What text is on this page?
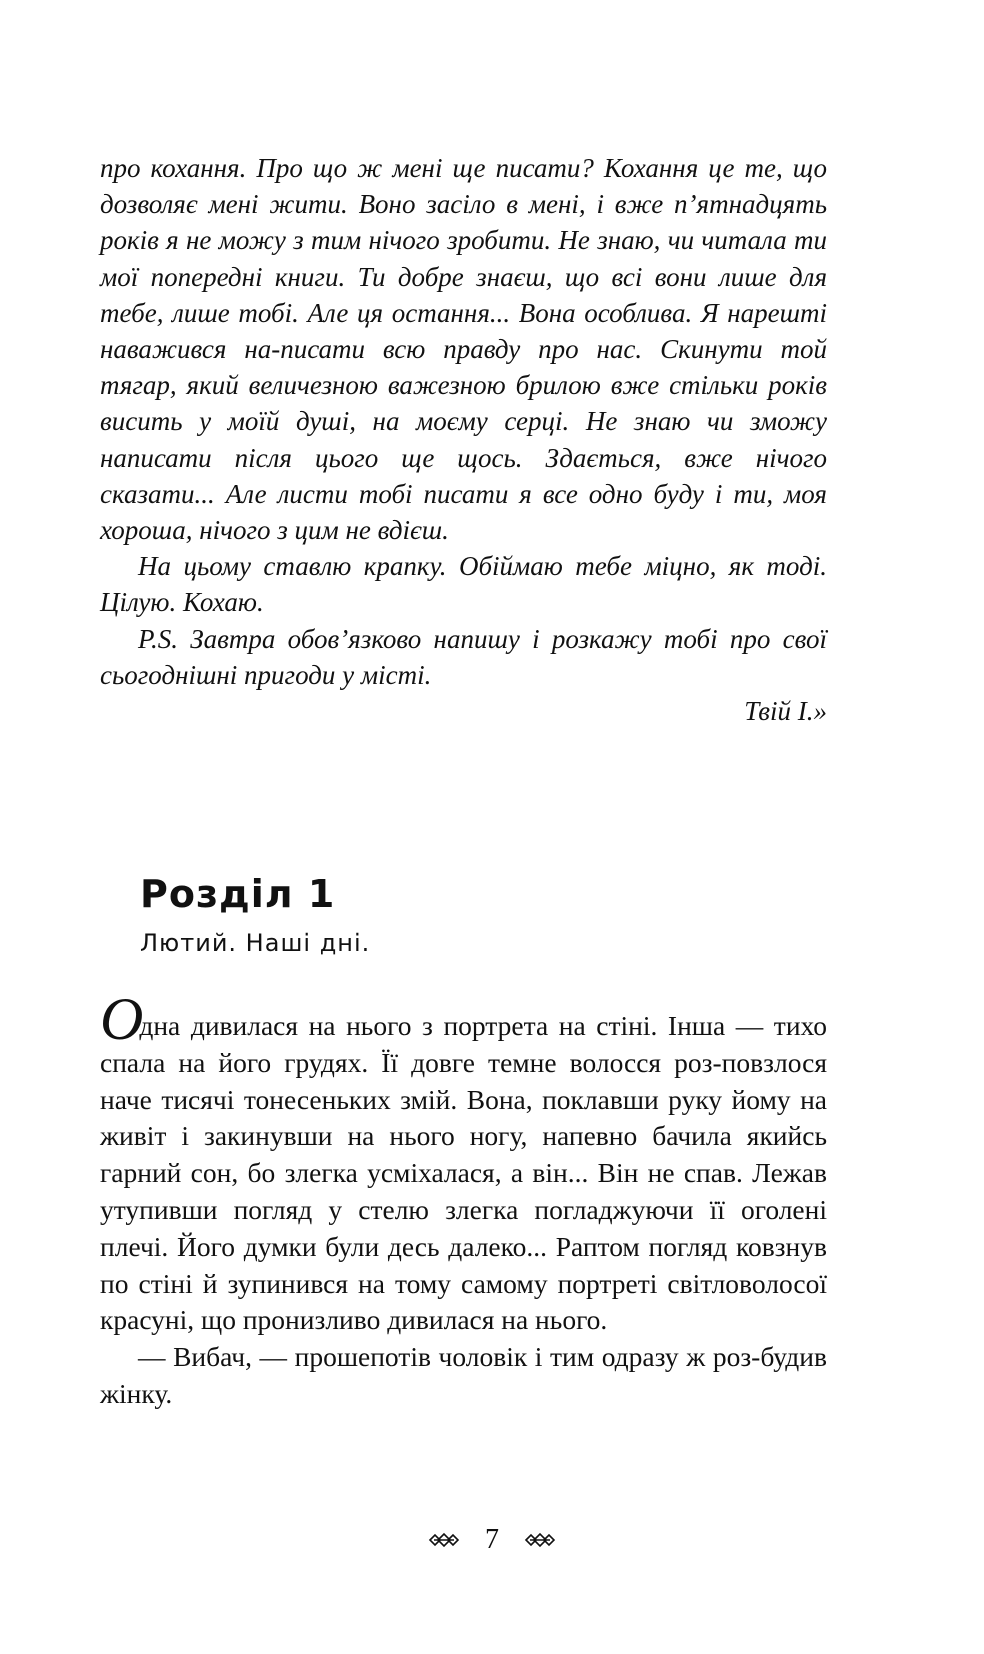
про кохання. Про що ж мені ще писати? Кохання це те, що дозволяє мені жити. Воно засіло в мені, і вже п’ятнадцять років я не можу з тим нічого зробити. Не знаю, чи читала ти мої попередні книги. Ти добре знаєш, що всі вони лише для тебе, лише тобі. Але ця остання... Вона особлива. Я нарешті наважився на-писати всю правду про нас. Скинути той тягар, який величезною важезною брилою вже стільки років висить у моїй душі, на моєму серці. Не знаю чи зможу написати після цього ще щось. Здається, вже нічого сказати... Але листи тобі писати я все одно буду і ти, моя хороша, нічого з цим не вдієш.

На цьому ставлю крапку. Обіймаю тебе міцно, як тоді. Цілую. Кохаю.

P.S. Завтра обов’язково напишу і розкажу тобі про свої сьогоднішні пригоди у місті.

Твій І.»

Розділ 1
Лютий. Наші дні.

Одна дивилася на нього з портрета на стіні. Інша — тихо спала на його грудях. Її довге темне волосся роз-повзлося наче тисячі тонесеньких змій. Вона, поклавши руку йому на живіт і закинувши на нього ногу, напевно бачила якийсь гарний сон, бо злегка усміхалася, а він... Він не спав. Лежав утупивши погляд у стелю злегка погладжуючи її оголені плечі. Його думки були десь далеко... Раптом погляд ковзнув по стіні й зупинився на тому самому портреті світловолосої красуні, що пронизливо дивилася на нього.

— Вибач, — прошепотів чоловік і тим одразу ж роз-будив жінку.

7
